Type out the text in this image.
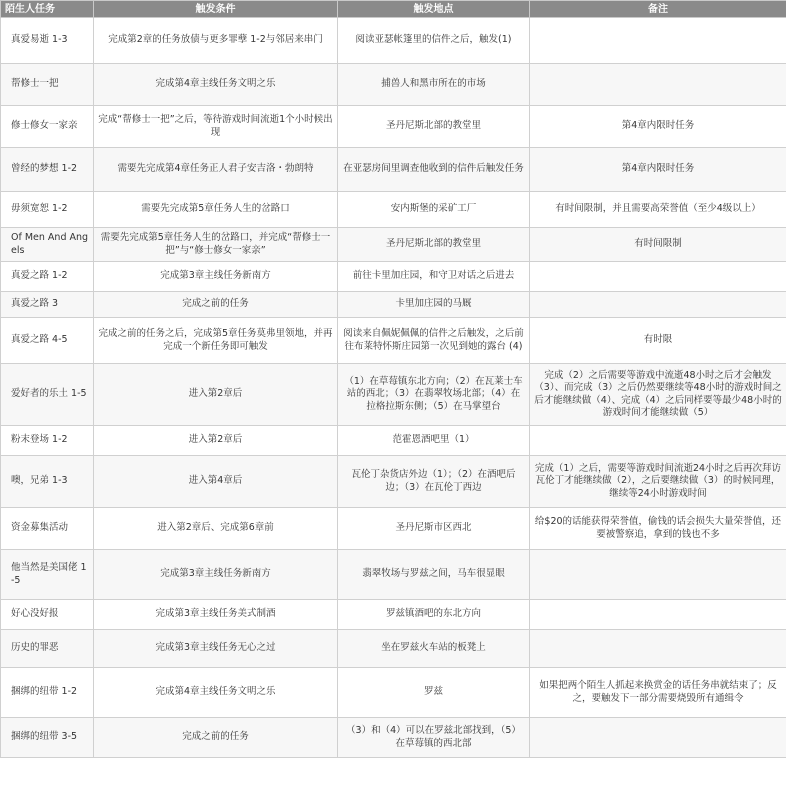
陌生人任务	触发条件	触发地点	备注
真爱易逝 1-3	完成第2章的任务放债与更多罪孽 1-2与邻居来串门	阅读亚瑟帐篷里的信件之后，触发(1)	
帮修士一把	完成第4章主线任务文明之乐	捕兽人和黑市所在的市场	
修士修女一家亲	完成“帮修士一把”之后，等待游戏时间流逝1个小时候出现	圣丹尼斯北部的教堂里	第4章内限时任务
曾经的梦想 1-2	需要先完成第4章任务正人君子安吉洛・勃朗特	在亚瑟房间里调查他收到的信件后触发任务	第4章内限时任务
毋须宽恕 1-2	需要先完成第5章任务人生的岔路口	安内斯堡的采矿工厂	有时间限制，并且需要高荣誉值（至少4级以上）
Of Men And Angels	需要先完成第5章任务人生的岔路口，并完成“帮修士一把”与“修士修女一家亲”	圣丹尼斯北部的教堂里	有时间限制
真爱之路 1-2	完成第3章主线任务新南方	前往卡里加庄园，和守卫对话之后进去	
真爱之路 3	完成之前的任务	卡里加庄园的马厩	
真爱之路 4-5	完成之前的任务之后，完成第5章任务莫弗里领地，并再完成一个新任务即可触发	阅读来自佩妮佩佩的信件之后触发，之后前往布莱特怀斯庄园第一次见到她的露台 (4)	有时限
爱好者的乐土 1-5	进入第2章后	（1）在草莓镇东北方向；（2）在瓦莱士车站的西北；（3）在翡翠牧场北部；（4）在拉格拉斯东侧；（5）在马掌望台	完成（2）之后需要等游戏中流逝48小时之后才会触发（3）、而完成（3）之后仍然要继续等48小时的游戏时间之后才能继续做（4）、完成（4）之后同样要等最少48小时的游戏时间才能继续做（5）
粉末登场 1-2	进入第2章后	范霍恩酒吧里（1）	
噢，兄弟 1-3	进入第4章后	瓦伦丁杂货店外边（1）；（2）在酒吧后边；（3）在瓦伦丁西边	完成（1）之后，需要等游戏时间流逝24小时之后再次拜访瓦伦丁才能继续做（2），之后要继续做（3）的时候同理，继续等24小时游戏时间
资金募集活动	进入第2章后、完成第6章前	圣丹尼斯市区西北	给$20的话能获得荣誉值，偷钱的话会损失大量荣誉值，还要被警察追，拿到的钱也不多
他当然是美国佬 1-5	完成第3章主线任务新南方	翡翠牧场与罗兹之间，马车很显眼	
好心没好报	完成第3章主线任务美式制酒	罗兹镇酒吧的东北方向	
历史的罪恶	完成第3章主线任务无心之过	坐在罗兹火车站的板凳上	
捆绑的纽带 1-2	完成第4章主线任务文明之乐	罗兹	如果把两个陌生人抓起来换赏金的话任务串就结束了；反之，要触发下一部分需要烧毁所有通缉令
捆绑的纽带 3-5	完成之前的任务	（3）和（4）可以在罗兹北部找到，（5）在草莓镇的西北部	
